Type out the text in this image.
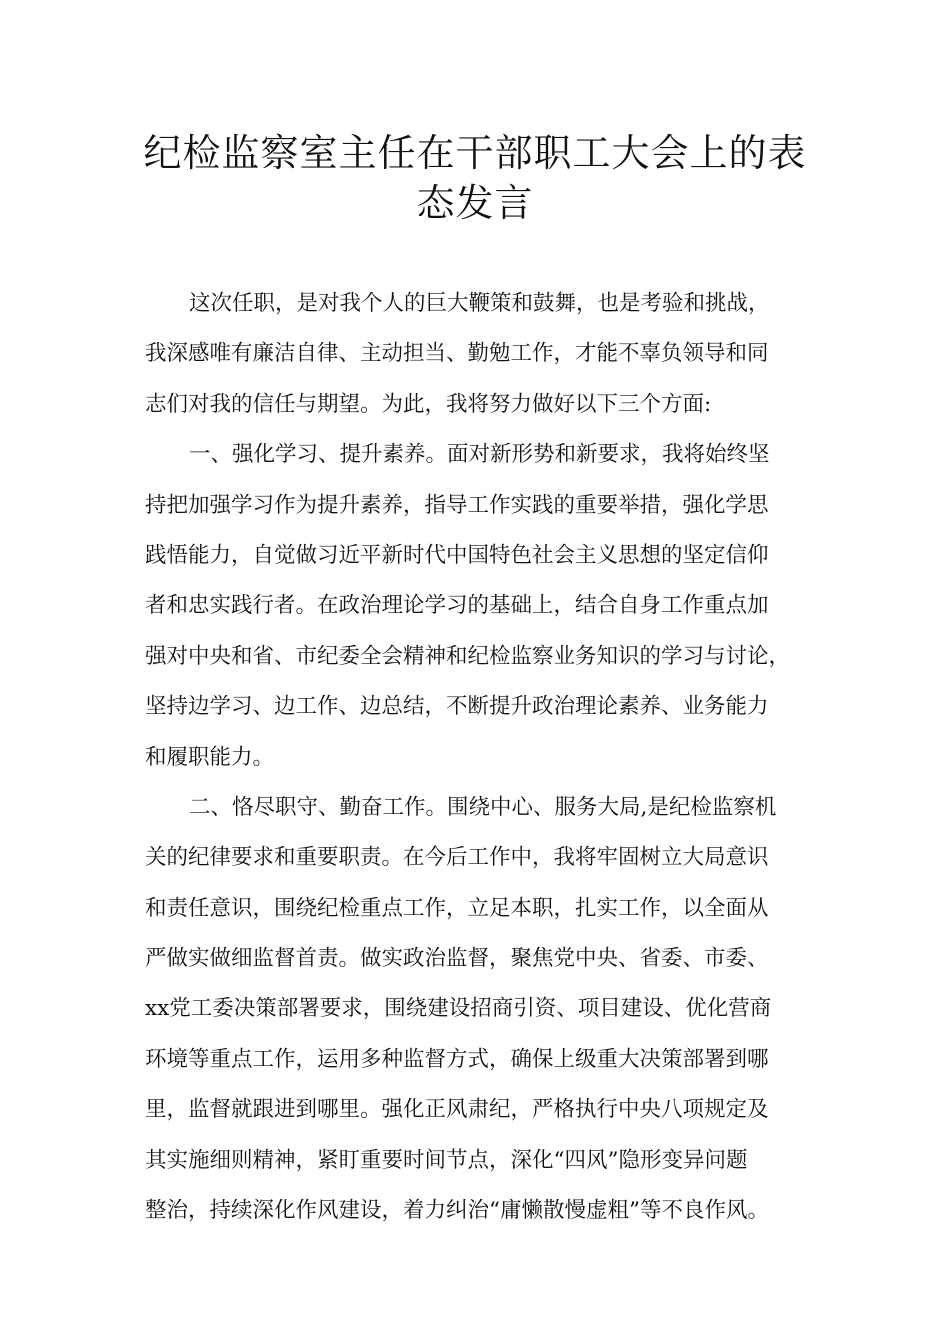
纪检监察室主任在干部职工大会上的表
态发言
这次任职，是对我个人的巨大鞭策和鼓舞，也是考验和挑战，
我深感唯有廉洁自律、主动担当、勤勉工作，才能不辜负领导和同
志们对我的信任与期望。为此，我将努力做好以下三个方面:
一、强化学习、提升素养。面对新形势和新要求，我将始终坚
持把加强学习作为提升素养，指导工作实践的重要举措，强化学思
践悟能力，自觉做习近平新时代中国特色社会主义思想的坚定信仰
者和忠实践行者。在政治理论学习的基础上，结合自身工作重点加
强对中央和省、市纪委全会精神和纪检监察业务知识的学习与讨论，
坚持边学习、边工作、边总结，不断提升政治理论素养、业务能力
和履职能力。
二、恪尽职守、勤奋工作。围绕中心、服务大局,是纪检监察机
关的纪律要求和重要职责。在今后工作中，我将牢固树立大局意识
和责任意识，围绕纪检重点工作，立足本职，扎实工作，以全面从
严做实做细监督首责。做实政治监督，聚焦党中央、省委、市委、
xx党工委决策部署要求，围绕建设招商引资、项目建设、优化营商
环境等重点工作，运用多种监督方式，确保上级重大决策部署到哪
里，监督就跟进到哪里。强化正风肃纪，严格执行中央八项规定及
其实施细则精神，紧盯重要时间节点，深化“四风”隐形变异问题
整治，持续深化作风建设，着力纠治“庸懒散慢虚粗”等不良作风。
